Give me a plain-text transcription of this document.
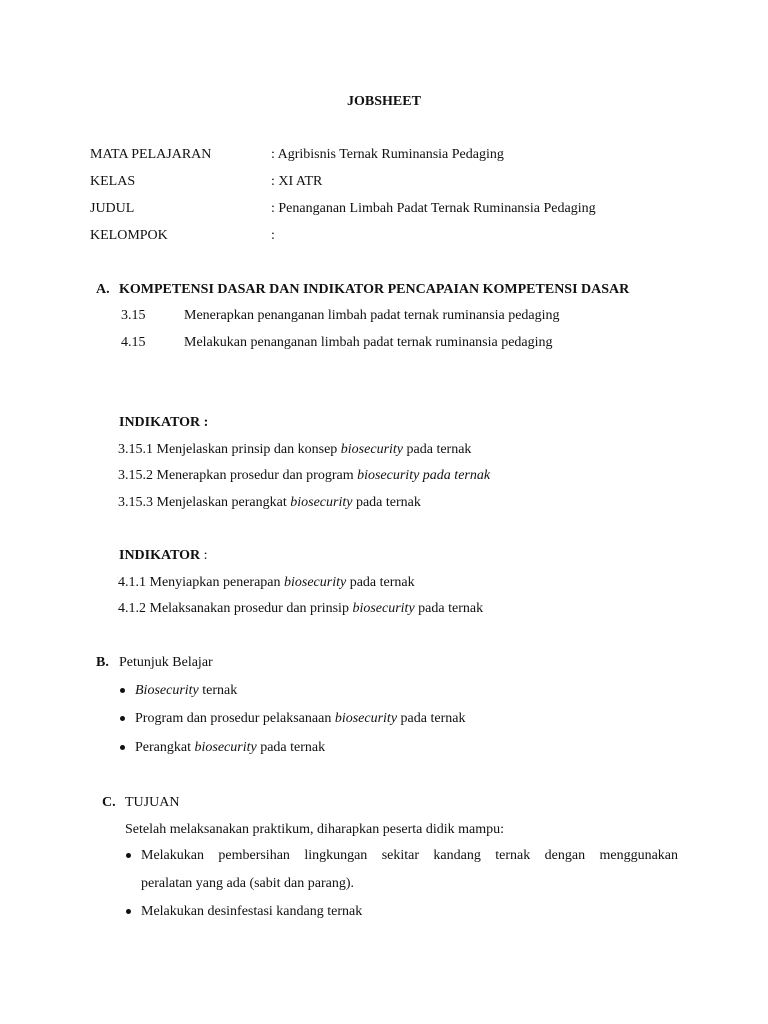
JOBSHEET
MATA PELAJARAN	: Agribisnis Ternak Ruminansia Pedaging
KELAS	: XI ATR
JUDUL	: Penanganan Limbah Padat Ternak Ruminansia Pedaging
KELOMPOK	:
A. KOMPETENSI DASAR DAN INDIKATOR PENCAPAIAN KOMPETENSI DASAR
3.15	Menerapkan penanganan limbah padat ternak ruminansia pedaging
4.15	Melakukan penanganan limbah padat ternak ruminansia pedaging
INDIKATOR :
3.15.1 Menjelaskan prinsip dan konsep biosecurity pada ternak
3.15.2 Menerapkan prosedur dan program biosecurity pada ternak
3.15.3 Menjelaskan perangkat biosecurity pada ternak
INDIKATOR :
4.1.1 Menyiapkan penerapan biosecurity pada ternak
4.1.2 Melaksanakan prosedur dan prinsip biosecurity pada ternak
B. Petunjuk Belajar
Biosecurity ternak
Program dan prosedur pelaksanaan biosecurity pada ternak
Perangkat biosecurity pada ternak
C. TUJUAN
Setelah melaksanakan praktikum, diharapkan peserta didik mampu:
Melakukan pembersihan lingkungan sekitar kandang ternak dengan menggunakan
peralatan yang ada (sabit dan parang).
Melakukan desinfestasi kandang ternak
